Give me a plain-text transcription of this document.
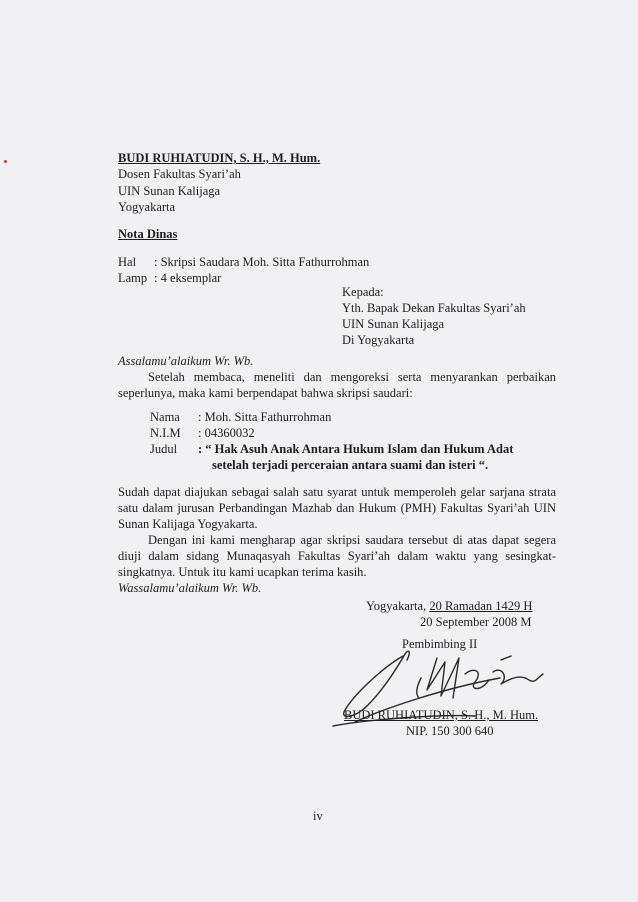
BUDI RUHIATUDIN, S. H., M. Hum.
Dosen Fakultas Syari’ah
UIN Sunan Kalijaga
Yogyakarta
Nota Dinas
Hal : Skripsi Saudara Moh. Sitta Fathurrohman
Lamp : 4 eksemplar
Kepada:
Yth. Bapak Dekan Fakultas Syari’ah
UIN Sunan Kalijaga
Di Yogyakarta
Assalamu’alaikum Wr. Wb.
Setelah membaca, meneliti dan mengoreksi serta menyarankan perbaikan seperlunya, maka kami berpendapat bahwa skripsi saudari:
Nama : Moh. Sitta Fathurrohman
N.I.M : 04360032
Judul : “ Hak Asuh Anak Antara Hukum Islam dan Hukum Adat
setelah terjadi perceraian antara suami dan isteri “.
Sudah dapat diajukan sebagai salah satu syarat untuk memperoleh gelar sarjana strata satu dalam jurusan Perbandingan Mazhab dan Hukum (PMH) Fakultas Syari’ah UIN Sunan Kalijaga Yogyakarta.
Dengan ini kami mengharap agar skripsi saudara tersebut di atas dapat segera diuji dalam sidang Munaqasyah Fakultas Syari’ah dalam waktu yang sesingkat-singkatnya. Untuk itu kami ucapkan terima kasih.
Wassalamu’alaikum Wr. Wb.
Yogyakarta, 20 Ramadan 1429 H
20 September 2008 M
Pembimbing II
BUDI RUHIATUDIN, S. H., M. Hum.
NIP. 150 300 640
iv
